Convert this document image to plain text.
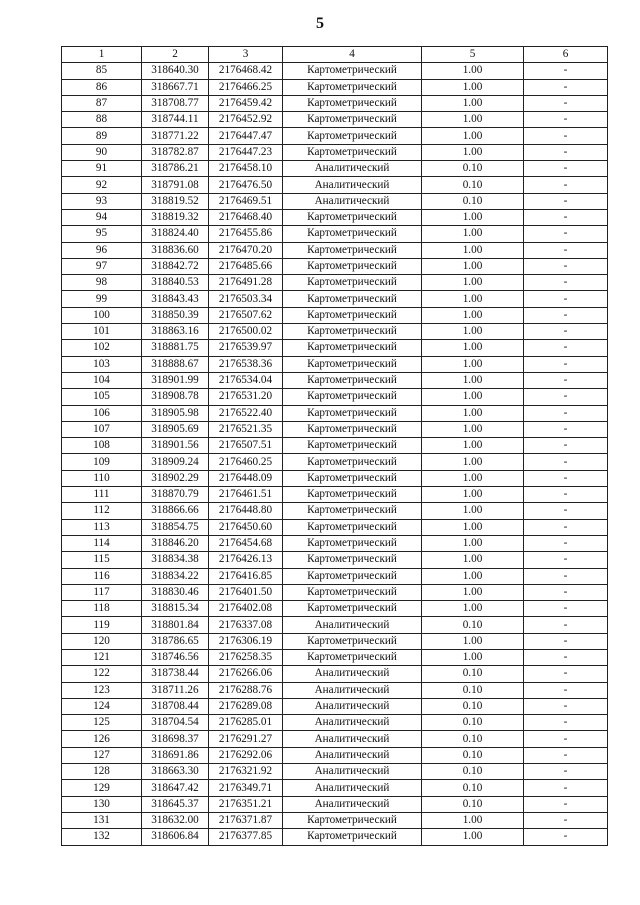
5
1	2	3	4	5	6
85	318640.30	2176468.42	Картометрический	1.00	-
86	318667.71	2176466.25	Картометрический	1.00	-
87	318708.77	2176459.42	Картометрический	1.00	-
88	318744.11	2176452.92	Картометрический	1.00	-
89	318771.22	2176447.47	Картометрический	1.00	-
90	318782.87	2176447.23	Картометрический	1.00	-
91	318786.21	2176458.10	Аналитический	0.10	-
92	318791.08	2176476.50	Аналитический	0.10	-
93	318819.52	2176469.51	Аналитический	0.10	-
94	318819.32	2176468.40	Картометрический	1.00	-
95	318824.40	2176455.86	Картометрический	1.00	-
96	318836.60	2176470.20	Картометрический	1.00	-
97	318842.72	2176485.66	Картометрический	1.00	-
98	318840.53	2176491.28	Картометрический	1.00	-
99	318843.43	2176503.34	Картометрический	1.00	-
100	318850.39	2176507.62	Картометрический	1.00	-
101	318863.16	2176500.02	Картометрический	1.00	-
102	318881.75	2176539.97	Картометрический	1.00	-
103	318888.67	2176538.36	Картометрический	1.00	-
104	318901.99	2176534.04	Картометрический	1.00	-
105	318908.78	2176531.20	Картометрический	1.00	-
106	318905.98	2176522.40	Картометрический	1.00	-
107	318905.69	2176521.35	Картометрический	1.00	-
108	318901.56	2176507.51	Картометрический	1.00	-
109	318909.24	2176460.25	Картометрический	1.00	-
110	318902.29	2176448.09	Картометрический	1.00	-
111	318870.79	2176461.51	Картометрический	1.00	-
112	318866.66	2176448.80	Картометрический	1.00	-
113	318854.75	2176450.60	Картометрический	1.00	-
114	318846.20	2176454.68	Картометрический	1.00	-
115	318834.38	2176426.13	Картометрический	1.00	-
116	318834.22	2176416.85	Картометрический	1.00	-
117	318830.46	2176401.50	Картометрический	1.00	-
118	318815.34	2176402.08	Картометрический	1.00	-
119	318801.84	2176337.08	Аналитический	0.10	-
120	318786.65	2176306.19	Картометрический	1.00	-
121	318746.56	2176258.35	Картометрический	1.00	-
122	318738.44	2176266.06	Аналитический	0.10	-
123	318711.26	2176288.76	Аналитический	0.10	-
124	318708.44	2176289.08	Аналитический	0.10	-
125	318704.54	2176285.01	Аналитический	0.10	-
126	318698.37	2176291.27	Аналитический	0.10	-
127	318691.86	2176292.06	Аналитический	0.10	-
128	318663.30	2176321.92	Аналитический	0.10	-
129	318647.42	2176349.71	Аналитический	0.10	-
130	318645.37	2176351.21	Аналитический	0.10	-
131	318632.00	2176371.87	Картометрический	1.00	-
132	318606.84	2176377.85	Картометрический	1.00	-
